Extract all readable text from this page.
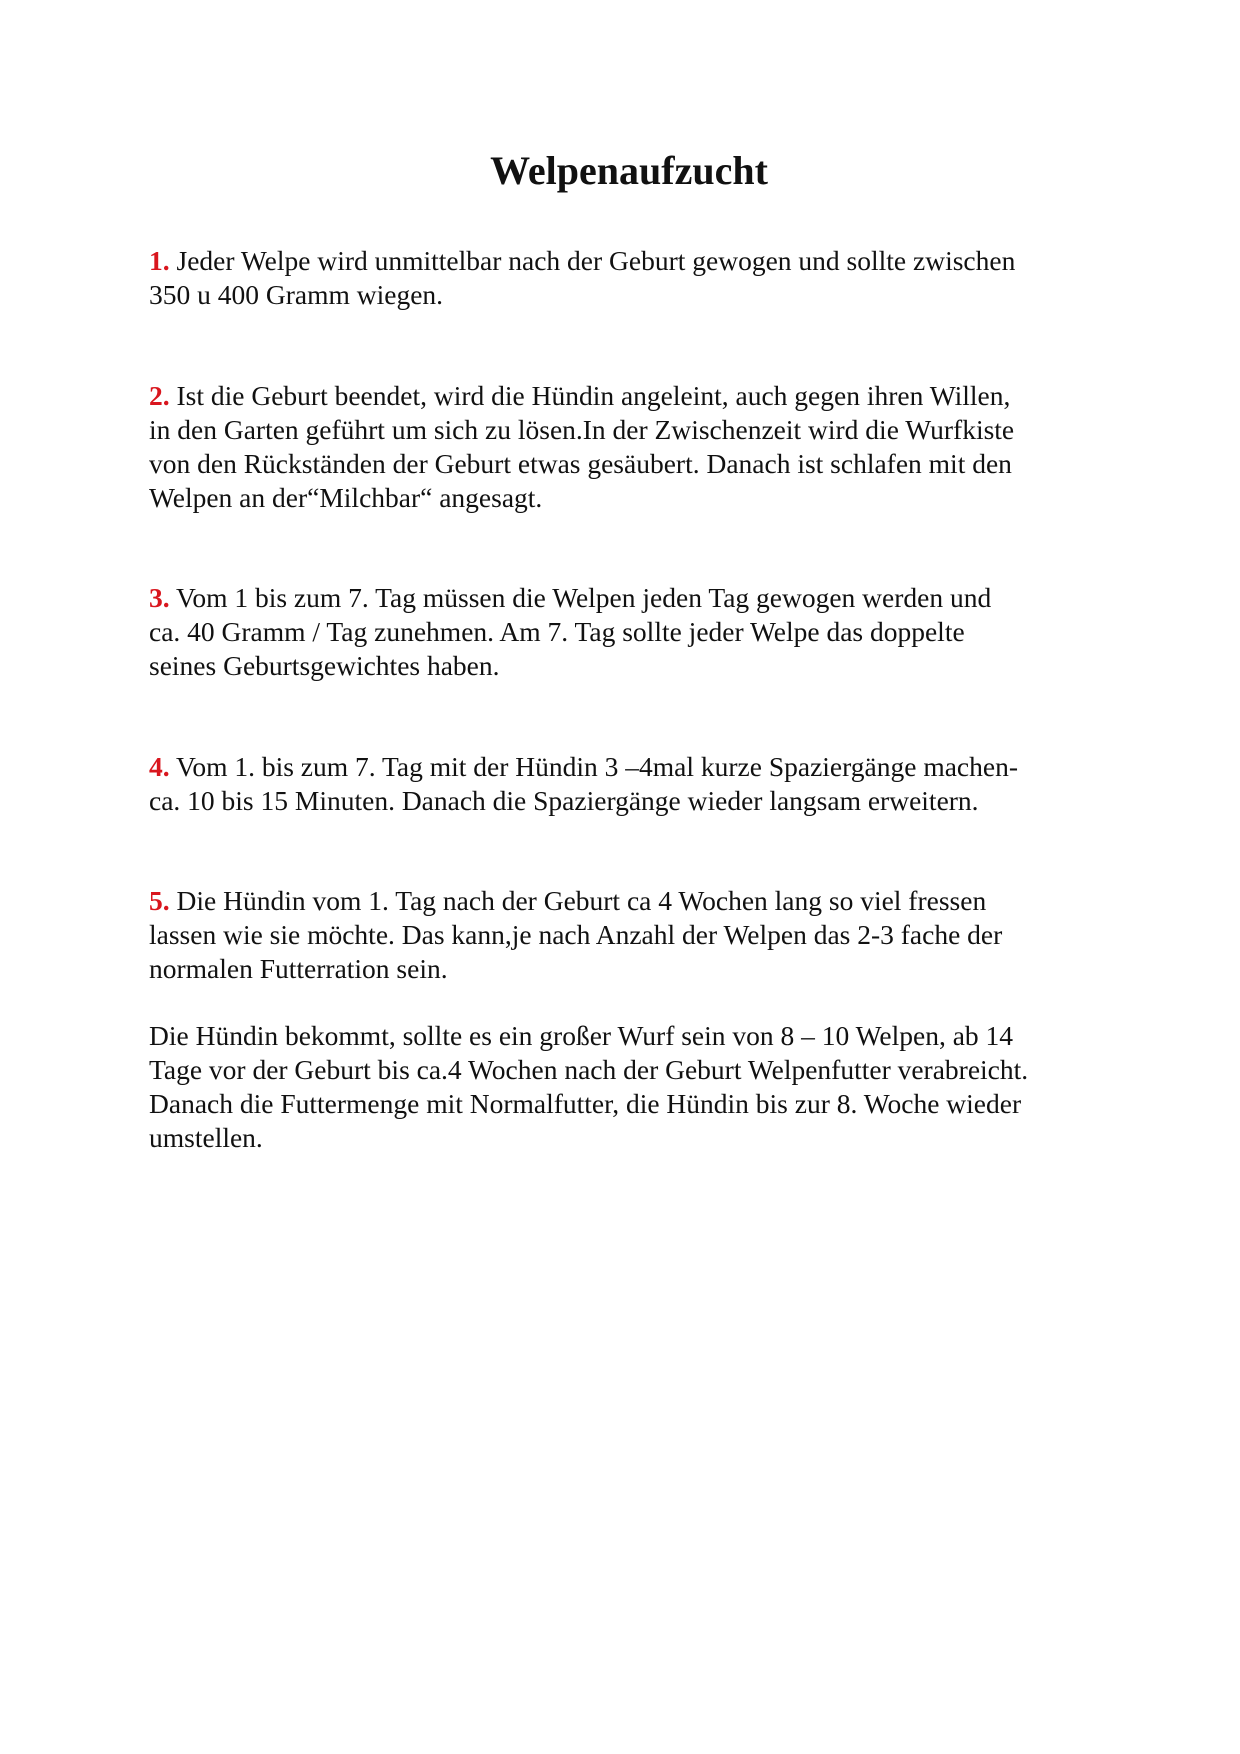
Welpenaufzucht

1. Jeder Welpe wird unmittelbar nach der Geburt gewogen und sollte zwischen
350 u 400 Gramm wiegen.

2. Ist die Geburt beendet, wird die Hündin angeleint, auch gegen ihren Willen,
in den Garten geführt um sich zu lösen.In der Zwischenzeit wird die Wurfkiste
von den Rückständen der Geburt etwas gesäubert. Danach ist schlafen mit den
Welpen an der“Milchbar“ angesagt.

3. Vom 1 bis zum 7. Tag müssen die Welpen jeden Tag gewogen werden und
ca. 40 Gramm / Tag zunehmen. Am 7. Tag sollte jeder Welpe das doppelte
seines Geburtsgewichtes haben.

4. Vom 1. bis zum 7. Tag mit der Hündin 3 –4mal kurze Spaziergänge machen-
ca. 10 bis 15 Minuten. Danach die Spaziergänge wieder langsam erweitern.

5. Die Hündin vom 1. Tag nach der Geburt ca 4 Wochen lang so viel fressen
lassen wie sie möchte. Das kann,je nach Anzahl der Welpen das 2-3 fache der
normalen Futterration sein.

Die Hündin bekommt, sollte es ein großer Wurf sein von 8 – 10 Welpen, ab 14
Tage vor der Geburt bis ca.4 Wochen nach der Geburt Welpenfutter verabreicht.
Danach die Futtermenge mit Normalfutter, die Hündin bis zur 8. Woche wieder
umstellen.
